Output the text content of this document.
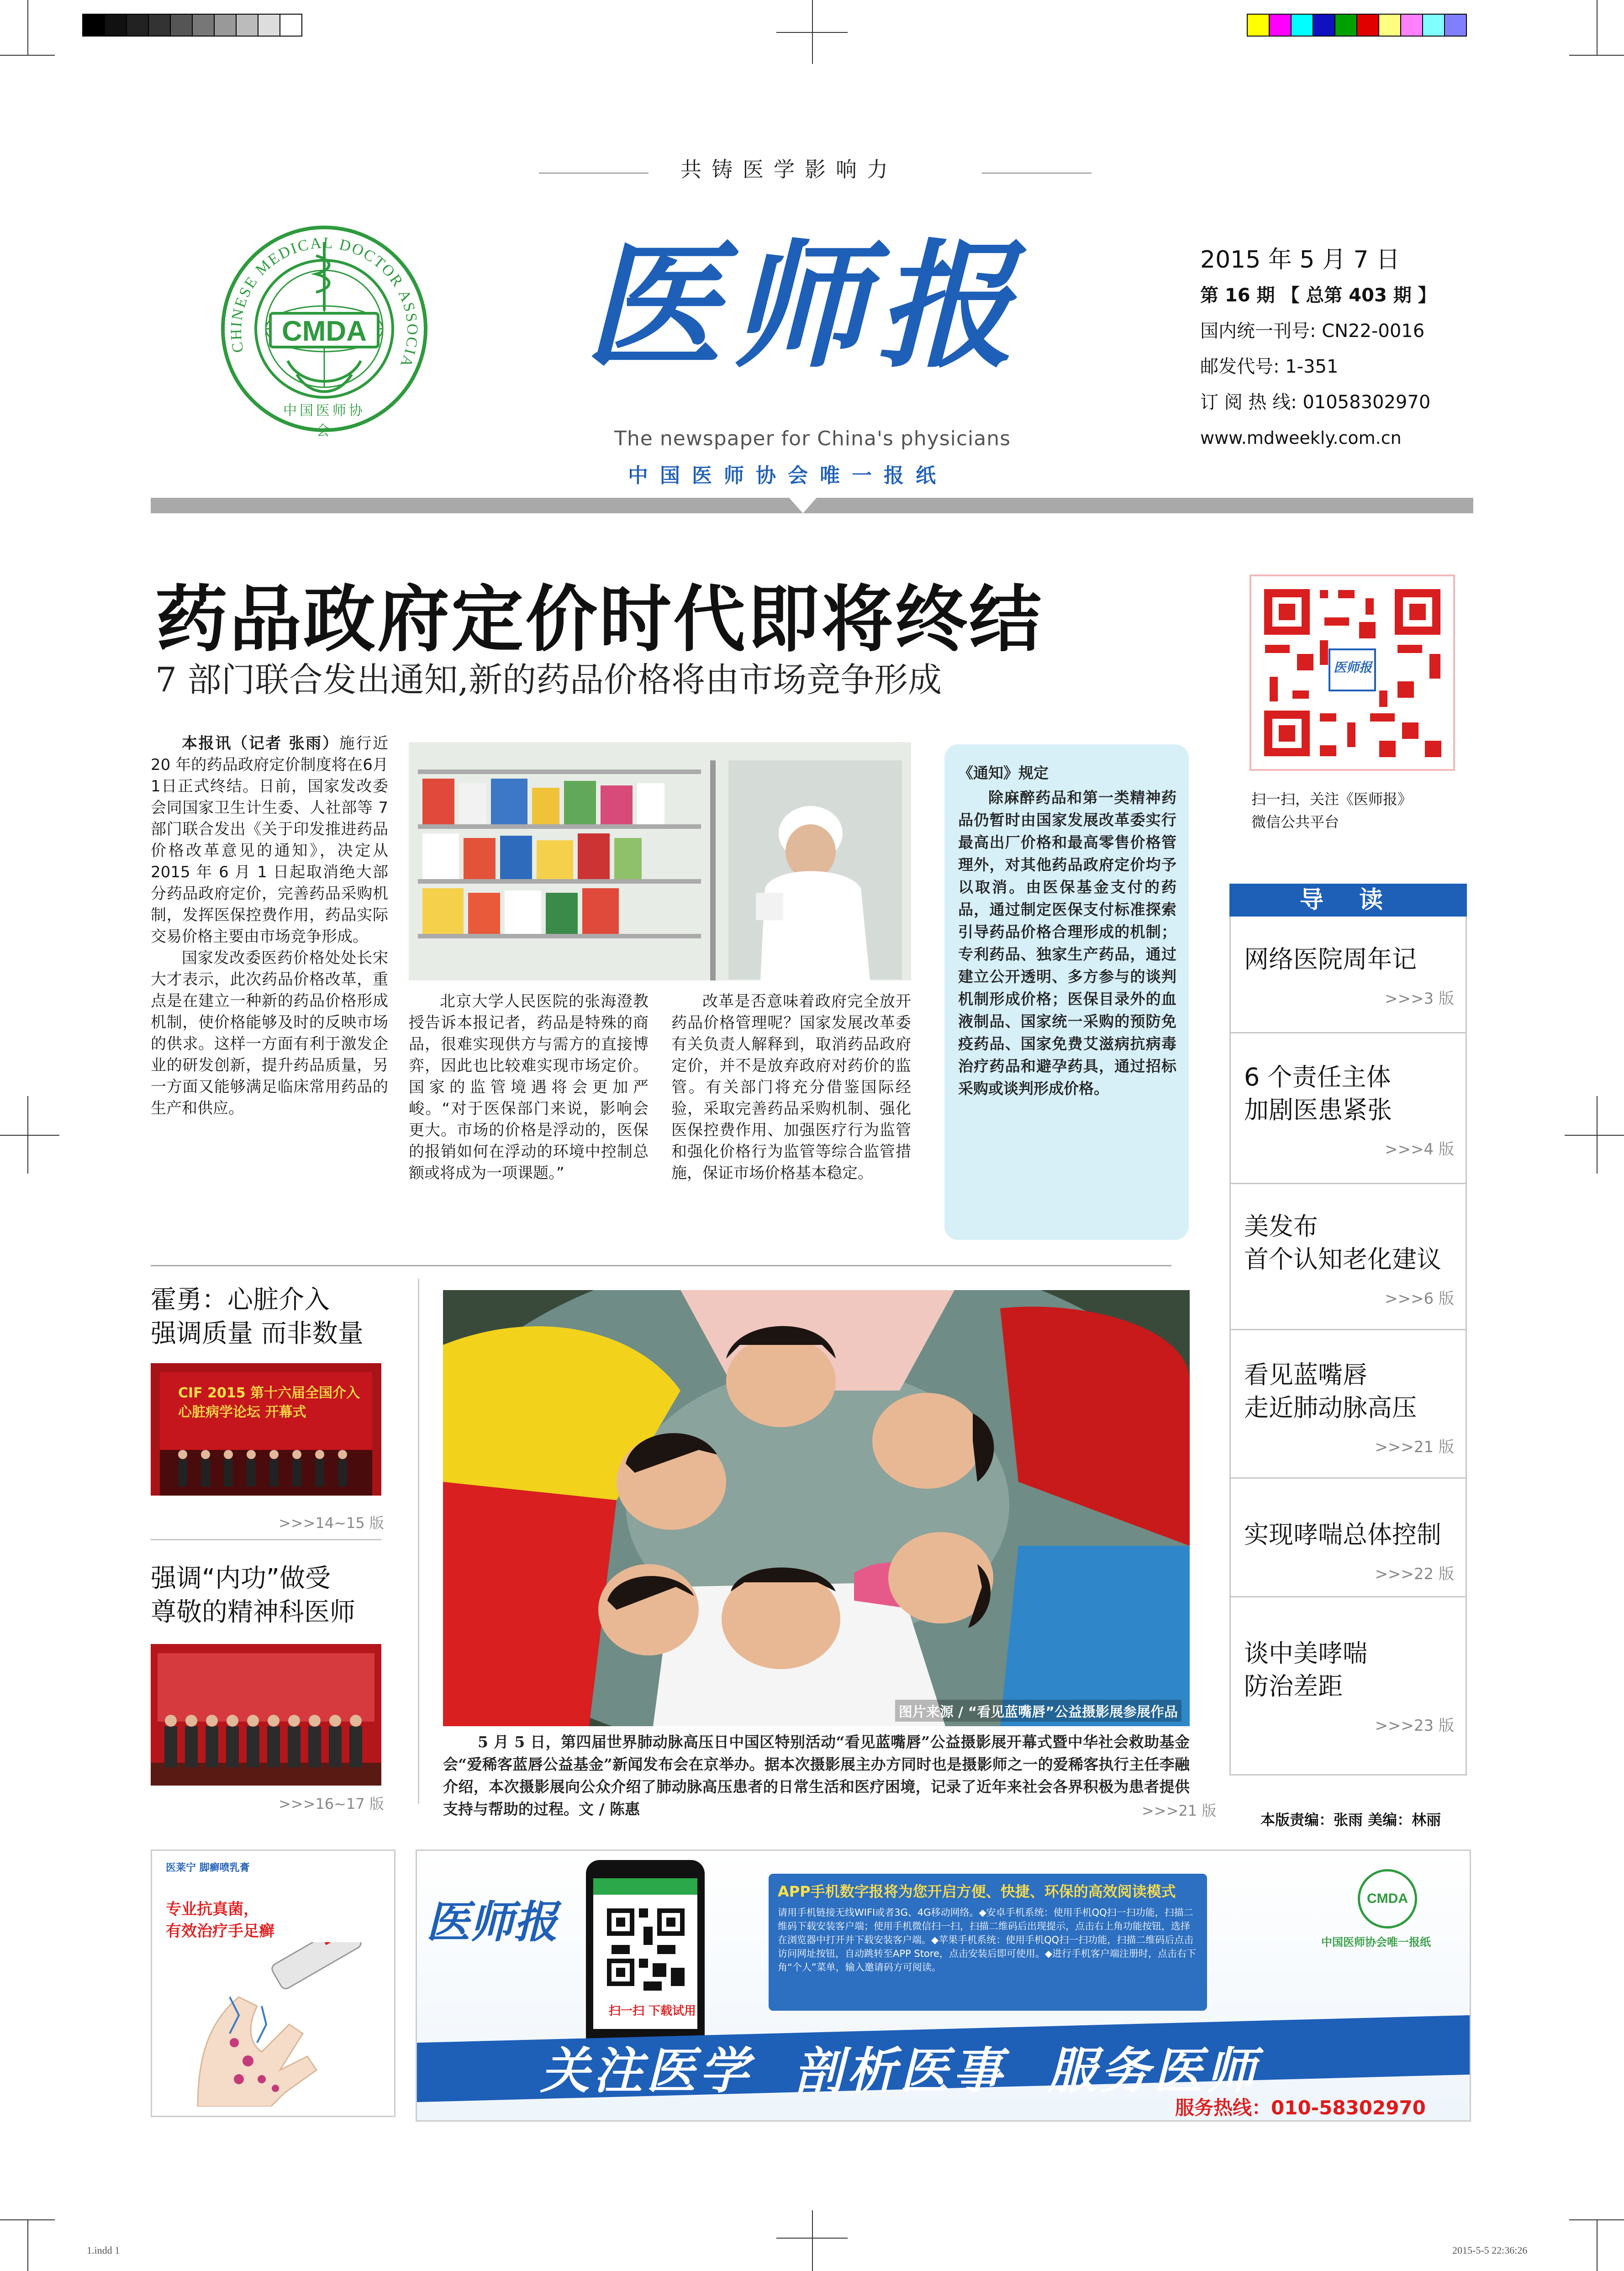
CMDA
CHINESE MEDICAL DOCTOR ASSOCIA
中国医师协会
共铸医学影响力
医师报
The newspaper for China's physicians
中国医师协会唯一报纸
2015 年 5 月 7 日
第 16 期 【 总第 403 期 】
国内统一刊号: CN22-0016
邮发代号: 1-351
订 阅 热 线: 01058302970
www.mdweekly.com.cn
药品政府定价时代即将终结
7 部门联合发出通知,新的药品价格将由市场竞争形成	医师报
扫一扫，关注《医师报》
微信公共平台

本报讯（记者 张雨）施行近 20 年的药品政府定价制度将在6月1日正式终结。日前，国家发改委会同国家卫生计生委、人社部等 7 部门联合发出《关于印发推进药品价格改革意见的通知》，决定从 2015 年 6 月 1 日起取消绝大部分药品政府定价，完善药品采购机制，发挥医保控费作用，药品实际交易价格主要由市场竞争形成。

国家发改委医药价格处处长宋大才表示，此次药品价格改革，重点是在建立一种新的药品价格形成机制，使价格能够及时的反映市场的供求。这样一方面有利于激发企业的研发创新，提升药品质量，另一方面又能够满足临床常用药品的生产和供应。

北京大学人民医院的张海澄教授告诉本报记者，药品是特殊的商品，很难实现供方与需方的直接博弈，因此也比较难实现市场定价。国家的监管境遇将会更加严峻。“对于医保部门来说，影响会更大。市场的价格是浮动的，医保的报销如何在浮动的环境中控制总额或将成为一项课题。”

改革是否意味着政府完全放开药品价格管理呢？国家发展改革委有关负责人解释到，取消药品政府定价，并不是放弃政府对药价的监管。有关部门将充分借鉴国际经验，采取完善药品采购机制、强化医保控费作用、加强医疗行为监管和强化价格行为监管等综合监管措施，保证市场价格基本稳定。

《通知》规定
除麻醉药品和第一类精神药品仍暂时由国家发展改革委实行最高出厂价格和最高零售价格管理外，对其他药品政府定价均予以取消。由医保基金支付的药品，通过制定医保支付标准探索引导药品价格合理形成的机制；专利药品、独家生产药品，通过建立公开透明、多方参与的谈判机制形成价格；医保目录外的血液制品、国家统一采购的预防免疫药品、国家免费艾滋病抗病毒治疗药品和避孕药具，通过招标采购或谈判形成价格。
导 读
网络医院周年记
>>>3 版
6 个责任主体
加剧医患紧张
>>>4 版
美发布
首个认知老化建议
>>>6 版
看见蓝嘴唇
走近肺动脉高压
>>>21 版
实现哮喘总体控制
>>>22 版
谈中美哮喘
防治差距
>>>23 版
本版责编：张雨 美编：林丽
霍勇：心脏介入
强调质量 而非数量
CIF 2015 第十六届全国介入心脏病学论坛 开幕式
>>>14~15 版
强调“内功”做受
尊敬的精神科医师
>>>16~17 版
图片来源 / “看见蓝嘴唇”公益摄影展参展作品
5 月 5 日，第四届世界肺动脉高压日中国区特别活动“看见蓝嘴唇”公益摄影展开幕式暨中华社会救助基金会“爱稀客蓝唇公益基金”新闻发布会在京举办。据本次摄影展主办方同时也是摄影师之一的爱稀客执行主任李融介绍，本次摄影展向公众介绍了肺动脉高压患者的日常生活和医疗困境，记录了近年来社会各界积极为患者提供支持与帮助的过程。文 / 陈惠	>>>21 版
医莱宁 脚癣喷乳膏
专业抗真菌，
有效治疗手足癣	医师报
扫一扫 下载试用
APP手机数字报将为您开启方便、快捷、环保的高效阅读模式
请用手机链接无线WIFI或者3G、4G移动网络。◆安卓手机系统：使用手机QQ扫一扫功能，扫描二维码下载安装客户端；使用手机微信扫一扫，扫描二维码后出现提示，点击右上角功能按钮，选择在浏览器中打开并下载安装客户端。◆苹果手机系统：使用手机QQ扫一扫功能，扫描二维码后点击访问网址按钮，自动跳转至APP Store，点击安装后即可使用。◆进行手机客户端注册时，点击右下角“个人”菜单，输入邀请码方可阅读。
CMDA
中国医师协会唯一报纸
关注医学  剖析医事  服务医师
服务热线：010-58302970
1.indd 1	2015-5-5 22:36:26
